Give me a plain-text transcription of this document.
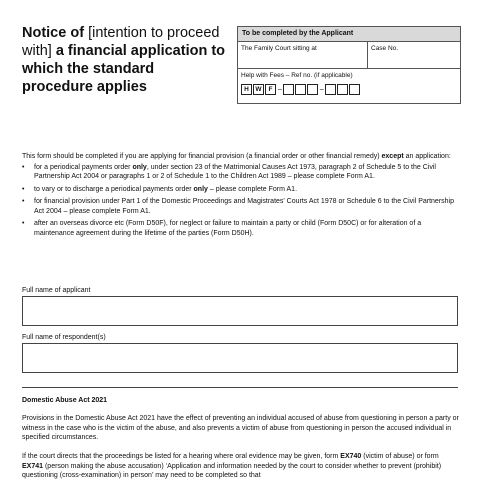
Notice of [intention to proceed with] a financial application to which the standard procedure applies
To be completed by the Applicant
The Family Court sitting at	Case No.
Help with Fees – Ref no. (if applicable)
H	W	F –	–

This form should be completed if you are applying for financial provision (a financial order or other financial remedy) except an application:

• for a periodical payments order only, under section 23 of the Matrimonial Causes Act 1973, paragraph 2 of Schedule 5 to the Civil Partnership Act 2004 or paragraphs 1 or 2 of Schedule 1 to the Children Act 1989 – please complete Form A1.
• to vary or to discharge a periodical payments order only – please complete Form A1.
• for financial provision under Part 1 of the Domestic Proceedings and Magistrates' Courts Act 1978 or Schedule 6 to the Civil Partnership Act 2004 – please complete Form A1.
• after an overseas divorce etc (Form D50F), for neglect or failure to maintain a party or child (Form D50C) or for alteration of a maintenance agreement during the lifetime of the parties (Form D50H).
Full name of applicant
Full name of respondent(s)
Domestic Abuse Act 2021

Provisions in the Domestic Abuse Act 2021 have the effect of preventing an individual accused of abuse from questioning in person a party or witness in the case who is the victim of the abuse, and also prevents a victim of abuse from questioning in person the accused individual in specified circumstances.

If the court directs that the proceedings be listed for a hearing where oral evidence may be given, form EX740 (victim of abuse) or form EX741 (person making the abuse accusation) ‘Application and information needed by the court to consider whether to prevent (prohibit) questioning (cross-examination) in person’ may need to be completed so that
